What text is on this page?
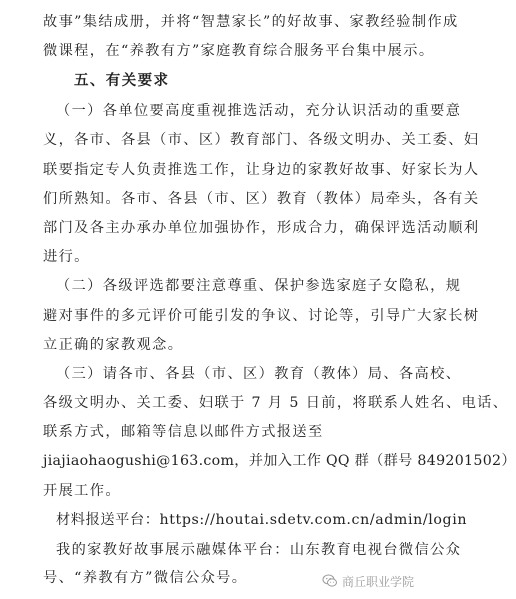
故事”集结成册，并将“智慧家长”的好故事、家教经验制作成
微课程，在“养教有方”家庭教育综合服务平台集中展示。
五、有关要求
（一）各单位要高度重视推选活动，充分认识活动的重要意
义，各市、各县（市、区）教育部门、各级文明办、关工委、妇
联要指定专人负责推选工作，让身边的家教好故事、好家长为人
们所熟知。各市、各县（市、区）教育（教体）局牵头，各有关
部门及各主办承办单位加强协作，形成合力，确保评选活动顺利
进行。
（二）各级评选都要注意尊重、保护参选家庭子女隐私，规
避对事件的多元评价可能引发的争议、讨论等，引导广大家长树
立正确的家教观念。
（三）请各市、各县（市、区）教育（教体）局、各高校、
各级文明办、关工委、妇联于 7 月 5 日前，将联系人姓名、电话、
联系方式，邮箱等信息以邮件方式报送至
jiajiaohaogushi@163.com，并加入工作 QQ 群（群号 849201502）
开展工作。
材料报送平台：https://houtai.sdetv.com.cn/admin/login
我的家教好故事展示融媒体平台：山东教育电视台微信公众
号、“养教有方”微信公众号。	商丘职业学院
